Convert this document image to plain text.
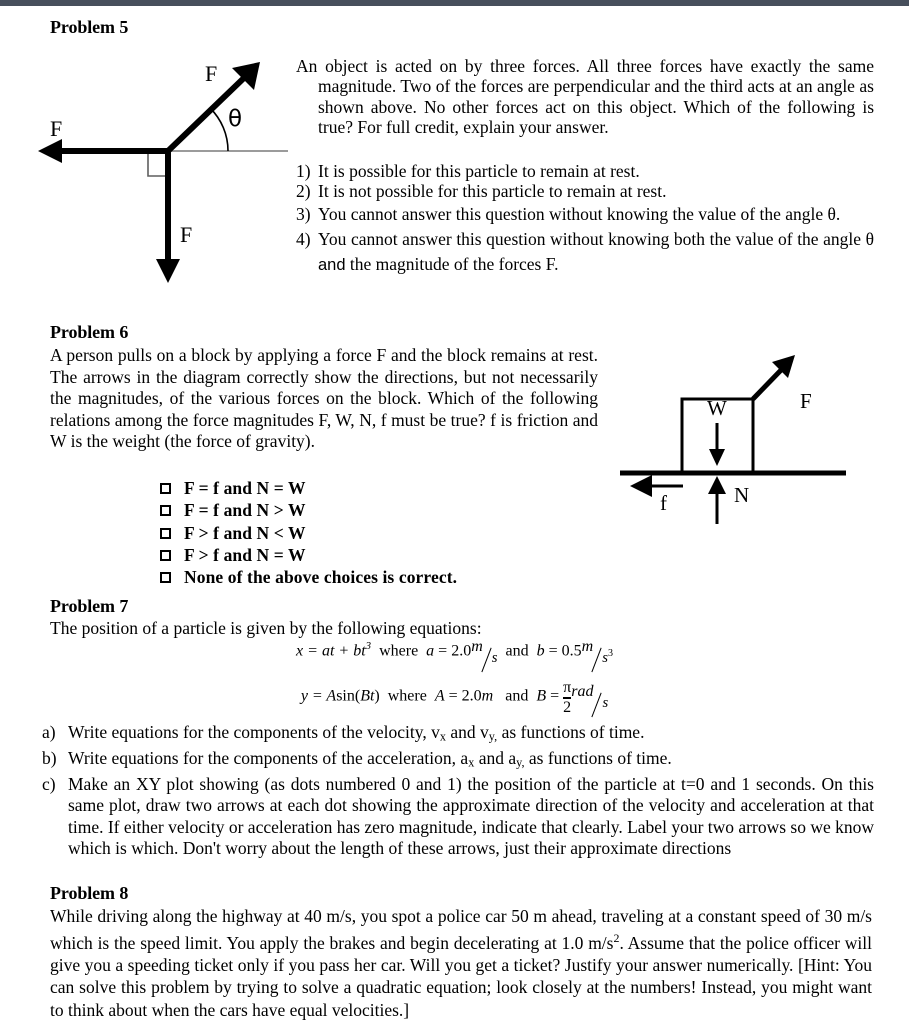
Problem 5
F
F
F
θ

An object is acted on by three forces. All three forces have exactly the same magnitude. Two of the forces are perpendicular and the third acts at an angle as shown above. No other forces act on this object. Which of the following is true? For full credit, explain your answer.

1) It is possible for this particle to remain at rest.
2) It is not possible for this particle to remain at rest.
3) You cannot answer this question without knowing the value of the angle θ.
4) You cannot answer this question without knowing both the value of the angle θ and the magnitude of the forces F.
Problem 6

A person pulls on a block by applying a force F and the block remains at rest. The arrows in the diagram correctly show the directions, but not necessarily the magnitudes, of the various forces on the block. Which of the following relations among the force magnitudes F, W, N, f must be true? f is friction and W is the weight (the force of gravity).

F = f and N = W
F = f and N > W
F > f and N < W
F > f and N = W
None of the above choices is correct.
F
W
f	N
Problem 7
The position of a particle is given by the following equations:
x = at + $bt^3$ where a = 2.0ms and $b = 0.5ms^3$
y = Asin(Bt) where A = 2.0m and $B = \frac{\pi}{2}$ rads
a) Write equations for the components of the velocity, $v_x$ and $v_{y,}$ as functions of time.
b) Write equations for the components of the acceleration, $a_x$ and $a_{y,}$ as functions of time.
c) Make an XY plot showing (as dots numbered 0 and 1) the position of the particle at t=0 and 1 seconds. On this same plot, draw two arrows at each dot showing the approximate direction of the velocity and acceleration at that time. If either velocity or acceleration has zero magnitude, indicate that clearly. Label your two arrows so we know which is which. Don't worry about the length of these arrows, just their approximate directions
Problem 8

While driving along the highway at 40 m/s, you spot a police car 50 m ahead, traveling at a constant speed of 30 m/s which is the speed limit. You apply the brakes and begin decelerating at 1.0 $m/s^2$. Assume that the police officer will give you a speeding ticket only if you pass her car. Will you get a ticket? Justify your answer numerically. [Hint: You can solve this problem by trying to solve a quadratic equation; look closely at the numbers! Instead, you might want to think about when the cars have equal velocities.]
